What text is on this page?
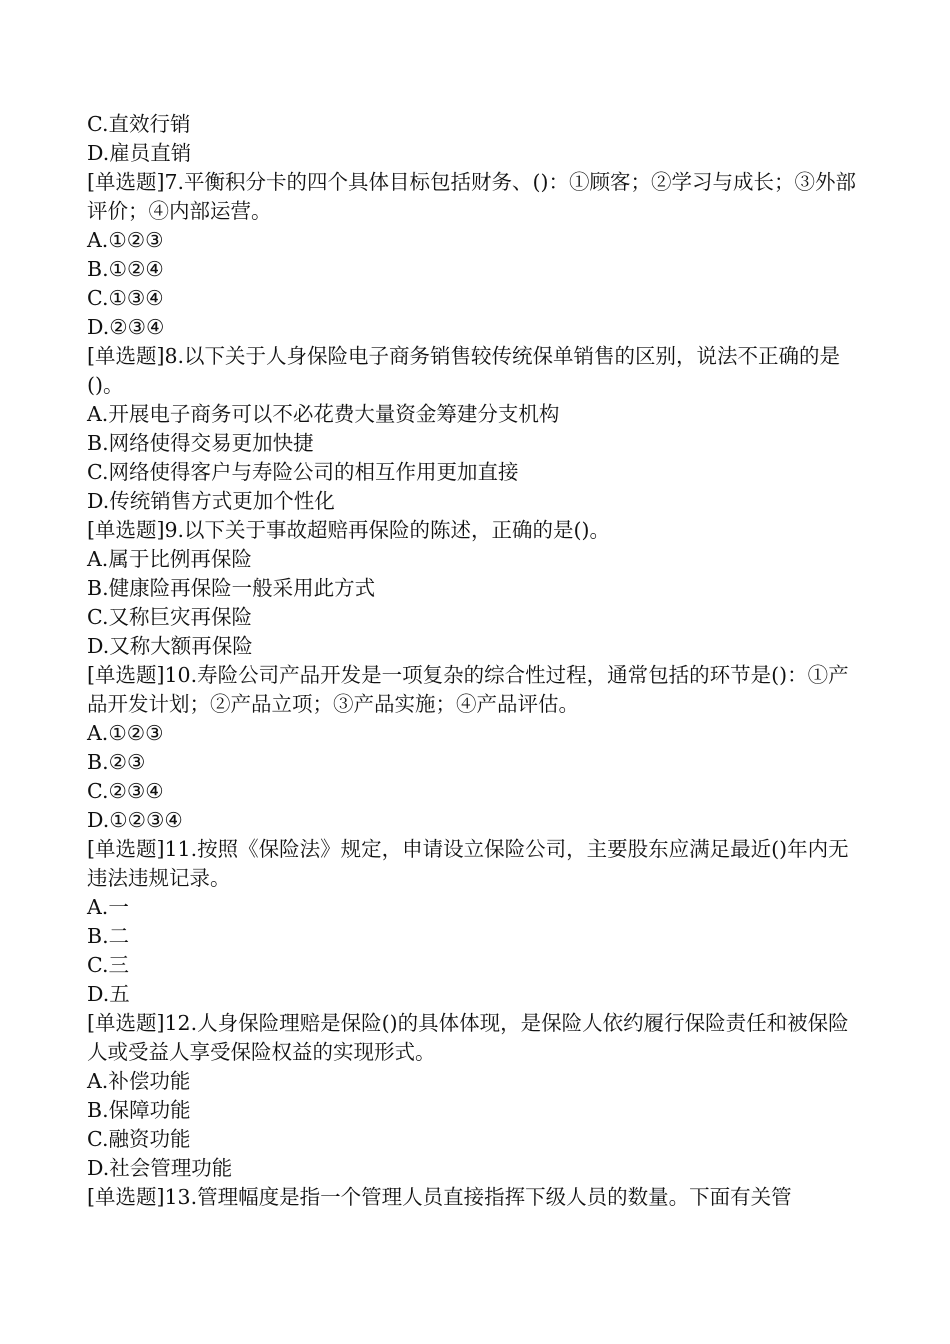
C.直效行销
D.雇员直销
[单选题]7.平衡积分卡的四个具体目标包括财务、()：①顾客；②学习与成长；③外部评价；④内部运营。
A.①②③
B.①②④
C.①③④
D.②③④
[单选题]8.以下关于人身保险电子商务销售较传统保单销售的区别，说法不正确的是()。
A.开展电子商务可以不必花费大量资金筹建分支机构
B.网络使得交易更加快捷
C.网络使得客户与寿险公司的相互作用更加直接
D.传统销售方式更加个性化
[单选题]9.以下关于事故超赔再保险的陈述，正确的是()。
A.属于比例再保险
B.健康险再保险一般采用此方式
C.又称巨灾再保险
D.又称大额再保险
[单选题]10.寿险公司产品开发是一项复杂的综合性过程，通常包括的环节是()：①产品开发计划；②产品立项；③产品实施；④产品评估。
A.①②③
B.②③
C.②③④
D.①②③④
[单选题]11.按照《保险法》规定，申请设立保险公司，主要股东应满足最近()年内无违法违规记录。
A.一
B.二
C.三
D.五
[单选题]12.人身保险理赔是保险()的具体体现，是保险人依约履行保险责任和被保险人或受益人享受保险权益的实现形式。
A.补偿功能
B.保障功能
C.融资功能
D.社会管理功能
[单选题]13.管理幅度是指一个管理人员直接指挥下级人员的数量。下面有关管
